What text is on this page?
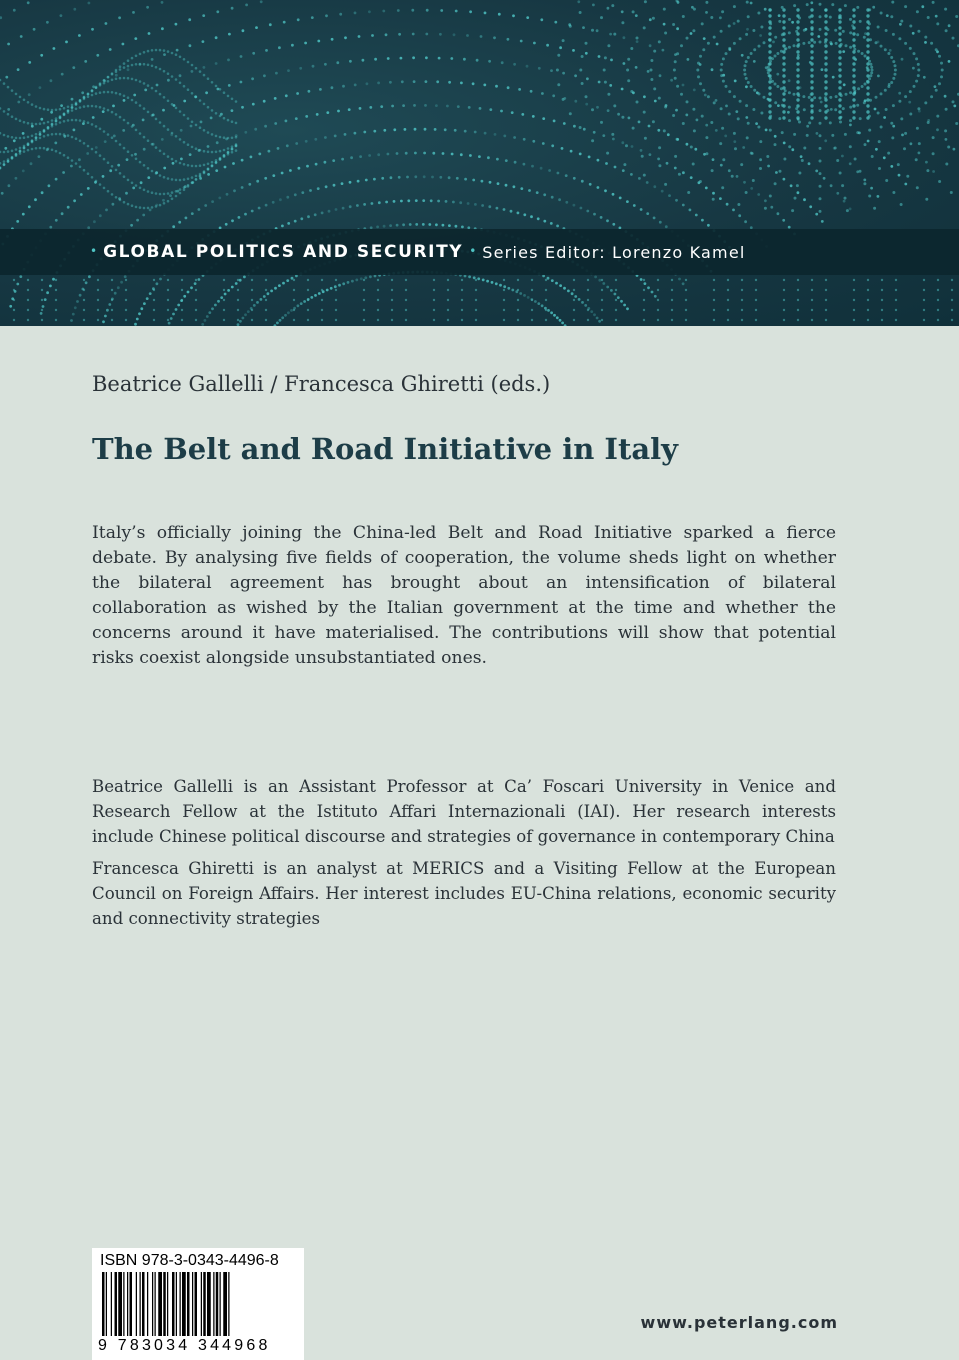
• GLOBAL POLITICS AND SECURITY • Series Editor: Lorenzo Kamel
Beatrice Gallelli / Francesca Ghiretti (eds.)
The Belt and Road Initiative in Italy
Italy’s officially joining the China-led Belt and Road Initiative sparked a fierce debate. By analysing five fields of cooperation, the volume sheds light on whether the bilateral agreement has brought about an intensification of bilateral collaboration as wished by the Italian government at the time and whether the concerns around it have materialised. The contributions will show that potential risks coexist alongside unsubstantiated ones.
Beatrice Gallelli is an Assistant Professor at Ca’ Foscari University in Venice and Research Fellow at the Istituto Affari Internazionali (IAI). Her research interests include Chinese political discourse and strategies of governance in contemporary China
Francesca Ghiretti is an analyst at MERICS and a Visiting Fellow at the European Council on Foreign Affairs. Her interest includes EU-China relations, economic security and connectivity strategies
ISBN 978-3-0343-4496-8
9 783034 344968
www.peterlang.com
